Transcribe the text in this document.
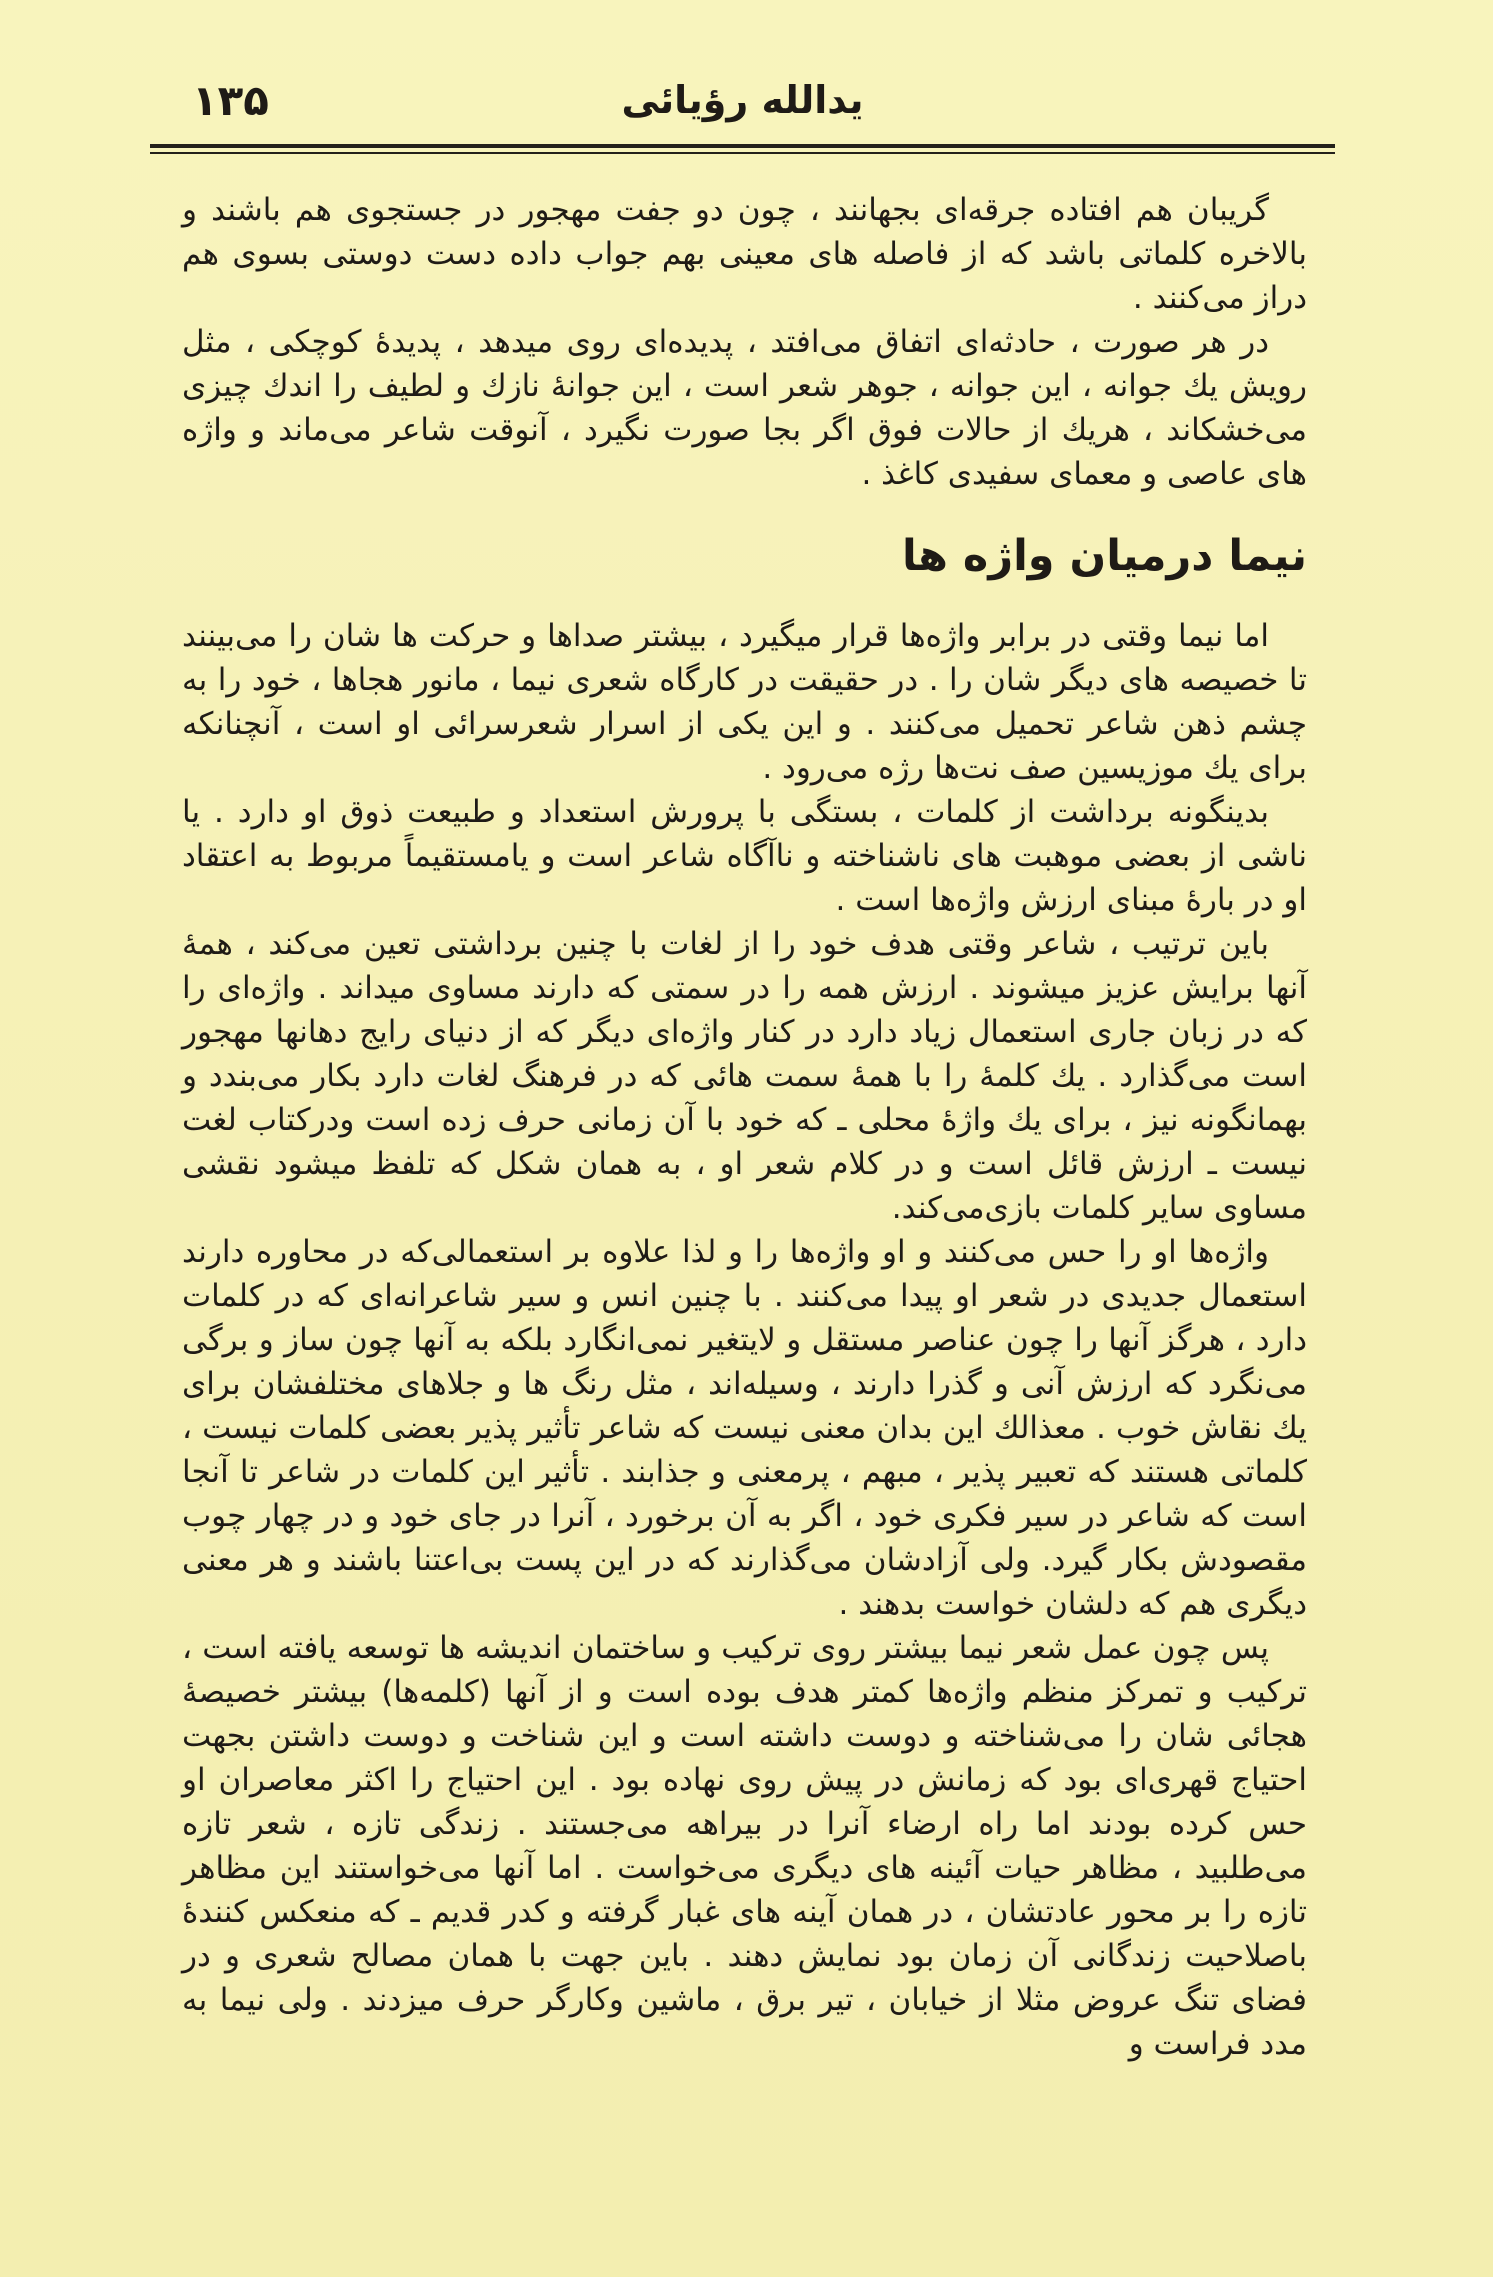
۱۳۵	یدالله رؤیائی

گریبان هم افتاده جرقه‌ای بجهانند ، چون دو جفت مهجور در جستجوی هم باشند و بالاخره کلماتی باشد که از فاصله های معینی بهم جواب داده دست دوستی بسوی هم دراز می‌کنند .

در هر صورت ، حادثه‌ای اتفاق می‌افتد ، پدیده‌ای روی میدهد ، پدیدهٔ کوچکی ، مثل رویش یك جوانه ، این جوانه ، جوهر شعر است ، این جوانهٔ نازك و لطیف را اندك چیزی می‌خشکاند ، هریك از حالات فوق اگر بجا صورت نگیرد ، آنوقت شاعر می‌ماند و واژه های عاصی و معمای سفیدی کاغذ .

نیما درمیان واژه ها

اما نیما وقتی در برابر واژه‌ها قرار میگیرد ، بیشتر صداها و حرکت ها شان را می‌بینند تا خصیصه های دیگر شان را . در حقیقت در کارگاه شعری نیما ، مانور هجاها ، خود را به چشم ذهن شاعر تحمیل می‌کنند . و این یکی از اسرار شعرسرائی او است ، آنچنانکه برای یك موزیسین صف نت‌ها رژه می‌رود .

بدینگونه برداشت از کلمات ، بستگی با پرورش استعداد و طبیعت ذوق او دارد . یا ناشی از بعضی موهبت های ناشناخته و ناآگاه شاعر است و یامستقیماً مربوط به اعتقاد او در بارهٔ مبنای ارزش واژه‌ها است .

باین ترتیب ، شاعر وقتی هدف خود را از لغات با چنین برداشتی تعین می‌کند ، همهٔ آنها برایش عزیز میشوند . ارزش همه را در سمتی که دارند مساوی میداند . واژه‌ای را که در زبان جاری استعمال زیاد دارد در کنار واژه‌ای دیگر که از دنیای رایج دهانها مهجور است می‌گذارد . یك کلمهٔ را با همهٔ سمت هائی که در فرهنگ لغات دارد بکار می‌بندد و بهمانگونه نیز ، برای یك واژهٔ محلی ـ که خود با آن زمانی حرف زده است ودرکتاب لغت نیست ـ ارزش قائل است و در کلام شعر او ، به همان شکل که تلفظ میشود نقشی مساوی سایر کلمات بازی‌می‌کند.

واژه‌ها او را حس می‌کنند و او واژه‌ها را و لذا علاوه بر استعمالی‌که در محاوره دارند استعمال جدیدی در شعر او پیدا می‌کنند . با چنین انس و سیر شاعرانه‌ای که در کلمات دارد ، هرگز آنها را چون عناصر مستقل و لایتغیر نمی‌انگارد بلکه به آنها چون ساز و برگی می‌نگرد که ارزش آنی و گذرا دارند ، وسیله‌اند ، مثل رنگ ها و جلاهای مختلفشان برای یك نقاش خوب . معذالك این بدان معنی نیست که شاعر تأثیر پذیر بعضی کلمات نیست ، کلماتی هستند که تعبیر پذیر ، مبهم ، پرمعنی و جذابند . تأثیر این کلمات در شاعر تا آنجا است که شاعر در سیر فکری خود ، اگر به آن برخورد ، آنرا در جای خود و در چهار چوب مقصودش بکار گیرد. ولی آزادشان می‌گذارند که در این پست بی‌اعتنا باشند و هر معنی دیگری هم که دلشان خواست بدهند .

پس چون عمل شعر نیما بیشتر روی ترکیب و ساختمان اندیشه ها توسعه یافته است ، ترکیب و تمرکز منظم واژه‌ها کمتر هدف بوده است و از آنها (کلمه‌ها) بیشتر خصیصهٔ هجائی شان را می‌شناخته و دوست داشته است و این شناخت و دوست داشتن بجهت احتیاج قهری‌ای بود که زمانش در پیش روی نهاده بود . این احتیاج را اکثر معاصران او حس کرده بودند اما راه ارضاء آنرا در بیراهه می‌جستند . زندگی تازه ، شعر تازه می‌طلبید ، مظاهر حیات آئینه های دیگری می‌خواست . اما آنها می‌خواستند این مظاهر تازه را بر محور عادتشان ، در همان آینه های غبار گرفته و کدر قدیم ـ که منعکس کنندهٔ باصلاحیت زندگانی آن زمان بود نمایش دهند . باین جهت با همان مصالح شعری و در فضای تنگ عروض مثلا از خیابان ، تیر برق ، ماشین وکارگر حرف میزدند . ولی نیما به مدد فراست و
